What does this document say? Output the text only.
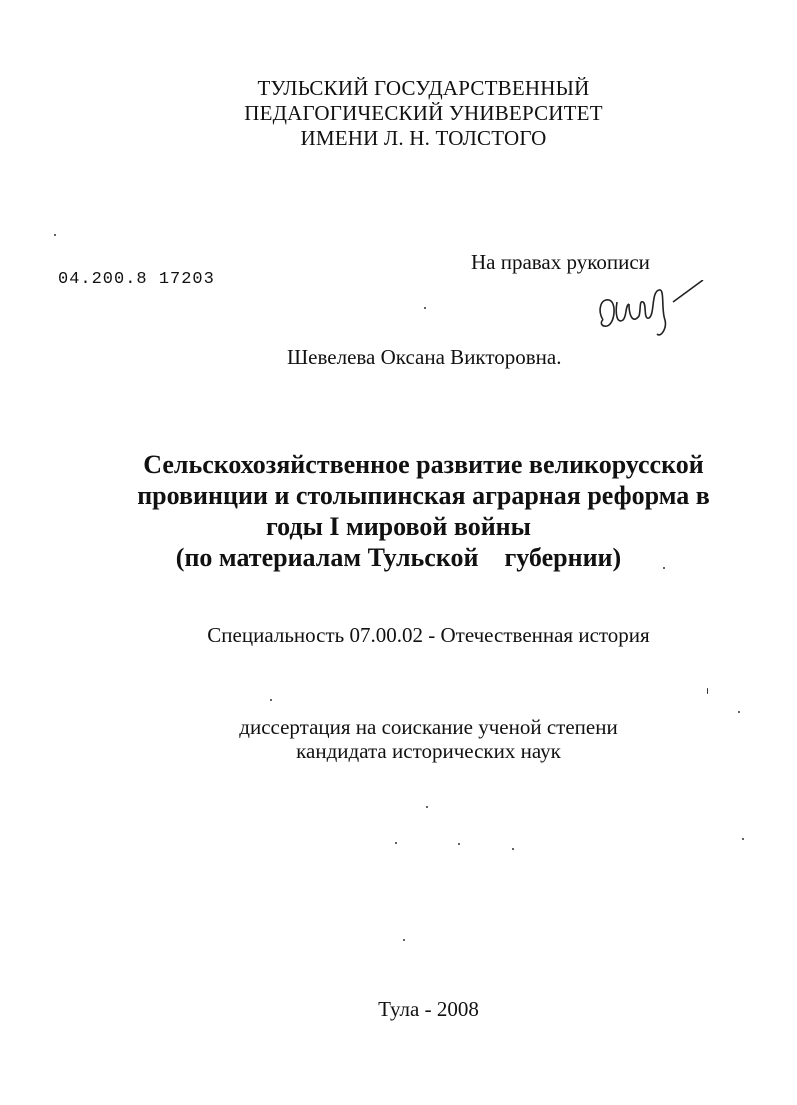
ТУЛЬСКИЙ ГОСУДАРСТВЕННЫЙ
ПЕДАГОГИЧЕСКИЙ УНИВЕРСИТЕТ
ИМЕНИ Л. Н. ТОЛСТОГО
04.200.8 17203
На правах рукописи
Шевелева Оксана Викторовна.
Сельскохозяйственное развитие великорусской
провинции и столыпинская аграрная реформа в
годы I мировой войны
(по материалам Тульской    губернии)
Специальность 07.00.02 - Отечественная история
диссертация на соискание ученой степени
кандидата исторических наук
Тула - 2008
